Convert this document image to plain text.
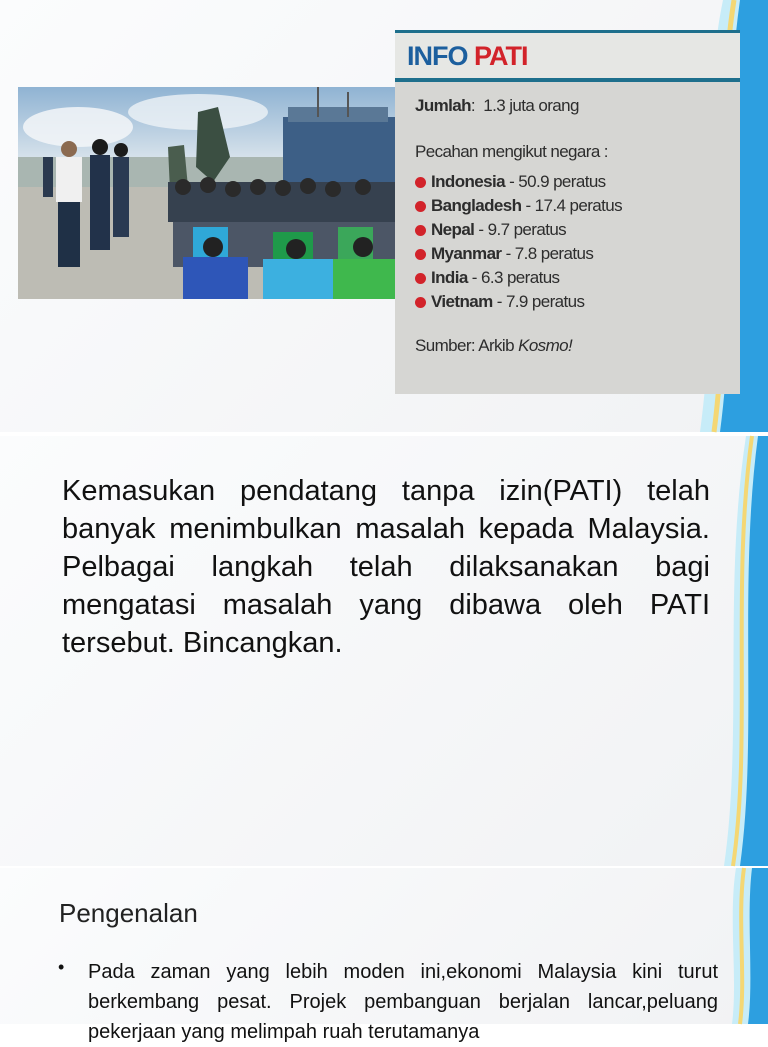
INFO PATI
Jumlah:  1.3 juta orang
Pecahan mengikut negara :
Indonesia - 50.9 peratus
Bangladesh - 17.4 peratus
Nepal - 9.7 peratus
Myanmar - 7.8 peratus
India - 6.3 peratus
Vietnam - 7.9 peratus
Sumber: Arkib Kosmo!
Kemasukan pendatang tanpa izin(PATI) telah banyak menimbulkan masalah kepada Malaysia. Pelbagai langkah telah dilaksanakan bagi mengatasi masalah yang dibawa oleh PATI tersebut. Bincangkan.
Pengenalan
• Pada zaman yang lebih moden ini,ekonomi Malaysia kini turut berkembang pesat. Projek pembanguan berjalan lancar,peluang pekerjaan yang melimpah ruah terutamanya
